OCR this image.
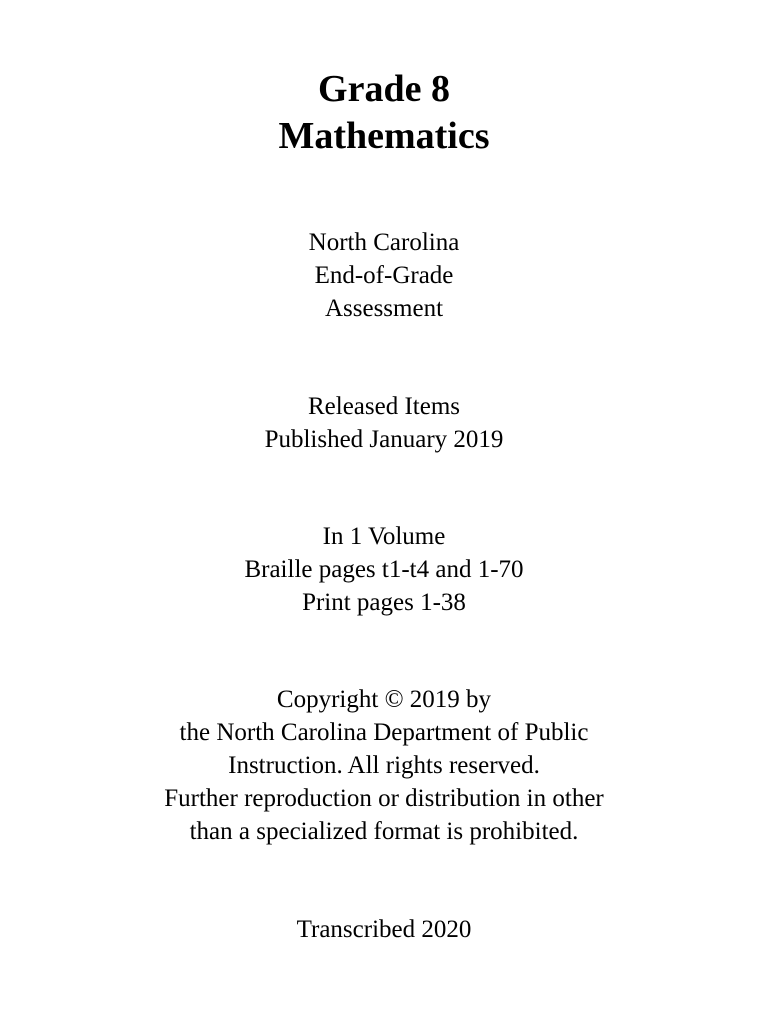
Grade 8
Mathematics
North Carolina
End-of-Grade
Assessment
Released Items
Published January 2019
In 1 Volume
Braille pages t1-t4 and 1-70
Print pages 1-38
Copyright © 2019 by
the North Carolina Department of Public
Instruction. All rights reserved.
Further reproduction or distribution in other
than a specialized format is prohibited.
Transcribed 2020
